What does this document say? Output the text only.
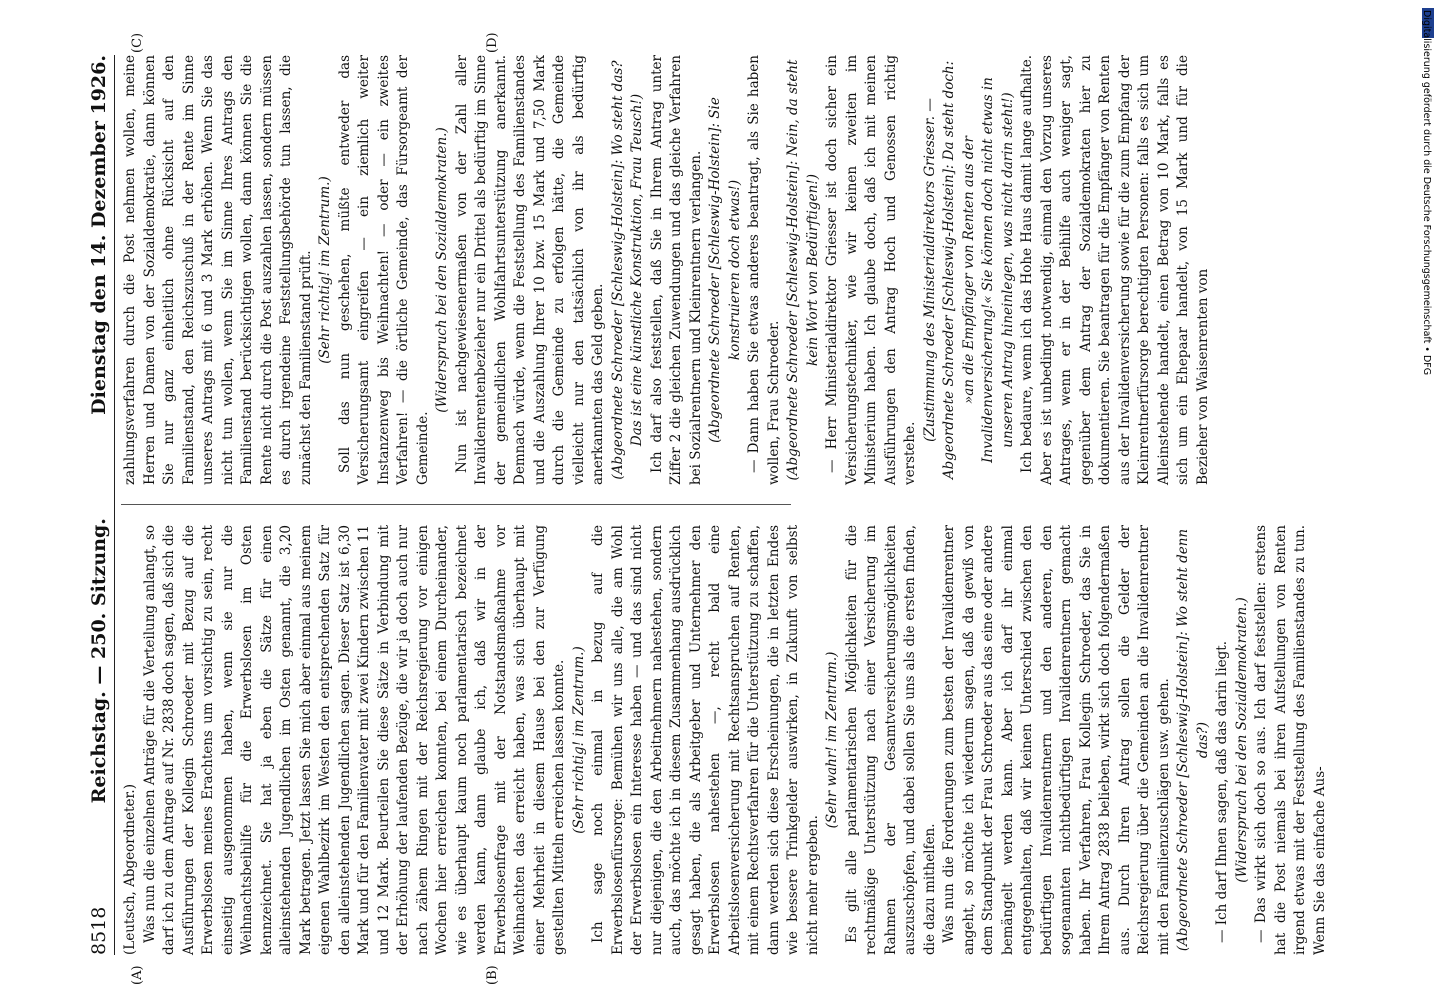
8518
Reichstag. — 250. Sitzung.
Dienstag den 14. Dezember 1926.

(Leutsch, Abgeordneter.) Was nun die einzelnen Anträge für die Verteilung anlangt, so darf ich zu dem Antrage auf Nr. 2838 doch sagen, daß sich die Ausführungen der Kollegin Schroeder mit Bezug auf die Erwerbslosen meines Erachtens um vorsichtig zu sein, recht einseitig ausgenommen haben, wenn sie nur die Weihnachtsbeihilfe für die Erwerbslosen im Osten kennzeichnet. Sie hat ja eben die Sätze für einen alleinstehenden Jugendlichen im Osten genannt, die 3,20 Mark betragen. Jetzt lassen Sie mich aber einmal aus meinem eigenen Wahlbezirk im Westen den entsprechenden Satz für den alleinstehenden Jugendlichen sagen. Dieser Satz ist 6,30 Mark und für den Familienvater mit zwei Kindern zwischen 11 und 12 Mark. Beurteilen Sie diese Sätze in Verbindung mit der Erhöhung der laufenden Bezüge, die wir ja doch auch nur nach zähem Ringen mit der Reichsregierung vor einigen Wochen hier erreichen konnten, bei einem Durcheinander, wie es überhaupt kaum noch parlamentarisch bezeichnet werden kann, dann glaube ich, daß wir in der Erwerbslosenfrage mit der Notstandsmaßnahme vor Weihnachten das erreicht haben, was sich überhaupt mit einer Mehrheit in diesem Hause bei den zur Verfügung gestellten Mitteln erreichen lassen konnte. (Sehr richtig! im Zentrum.) Ich sage noch einmal in bezug auf die Erwerbslosenfürsorge: Bemühen wir uns alle, die am Wohl der Erwerbslosen ein Interesse haben — und das sind nicht nur diejenigen, die den Arbeitnehmern nahestehen, sondern auch, das möchte ich in diesem Zusammenhang ausdrücklich gesagt haben, die als Arbeitgeber und Unternehmer den Erwerbslosen nahestehen —, recht bald eine Arbeitslosenversicherung mit Rechtsanspruchen auf Renten, mit einem Rechtsverfahren für die Unterstützung zu schaffen, dann werden sich diese Erscheinungen, die in letzten Endes wie bessere Trinkgelder auswirken, in Zukunft von selbst nicht mehr ergeben.

(Sehr wahr! im Zentrum.) Es gilt alle parlamentarischen Möglichkeiten für die rechtmäßige Unterstützung nach einer Versicherung im Rahmen der Gesamtversicherungsmöglichkeiten auszuschöpfen, und dabei sollen Sie uns als die ersten finden, die dazu mithelfen. Was nun die Forderungen zum besten der Invalidenrentner angeht, so möchte ich wiederum sagen, daß da gewiß von dem Standpunkt der Frau Schroeder aus das eine oder andere bemängelt werden kann. Aber ich darf ihr einmal entgegenhalten, daß wir keinen Unterschied zwischen den bedürftigen Invalidenrentnern und den anderen, den sogenannten nichtbedürftigen Invalidenrentnern gemacht haben. Ihr Verfahren, Frau Kollegin Schroeder, das Sie in Ihrem Antrag 2838 belieben, wirkt sich doch folgendermaßen aus. Durch Ihren Antrag sollen die Gelder der Reichsregierung über die Gemeinden an die Invalidenrentner mit den Familienzuschlägen usw. gehen. (Abgeordnete Schroeder [Schleswig-Holstein]: Wo steht denn das?) — Ich darf Ihnen sagen, daß das darin liegt. (Widerspruch bei den Sozialdemokraten.) — Das wirkt sich doch so aus. Ich darf feststellen: erstens hat die Post niemals bei ihren Aufstellungen von Renten irgend etwas mit der Feststellung des Familienstandes zu tun. Wenn Sie das einfache Aus-

zahlungsverfahren durch die Post nehmen wollen, meine Herren und Damen von der Sozialdemokratie, dann können Sie nur ganz einheitlich ohne Rücksicht auf den Familienstand, den Reichszuschuß in der Rente im Sinne unseres Antrags mit 6 und 3 Mark erhöhen. Wenn Sie das nicht tun wollen, wenn Sie im Sinne Ihres Antrags den Familienstand berücksichtigen wollen, dann können Sie die Rente nicht durch die Post auszahlen lassen, sondern müssen es durch irgendeine Feststellungsbehörde tun lassen, die zunächst den Familienstand prüft. (Sehr richtig! im Zentrum.) Soll das nun geschehen, müßte entweder das Versicherungsamt eingreifen — ein ziemlich weiter Instanzenweg bis Weihnachten! — oder — ein zweites Verfahren! — die örtliche Gemeinde, das Fürsorgeamt der Gemeinde.

(Widerspruch bei den Sozialdemokraten.) Nun ist nachgewiesenermaßen von der Zahl aller Invalidenrentenbezieher nur ein Drittel als bedürftig im Sinne der gemeindlichen Wohlfahrtsunterstützung anerkannt. Demnach würde, wenn die Feststellung des Familienstandes und die Auszahlung Ihrer 10 bzw. 15 Mark und 7,50 Mark durch die Gemeinde zu erfolgen hätte, die Gemeinde vielleicht nur den tatsächlich von ihr als bedürftig anerkannten das Geld geben. (Abgeordnete Schroeder [Schleswig-Holstein]: Wo steht das? Das ist eine künstliche Konstruktion, Frau Teusch!) Ich darf also feststellen, daß Sie in Ihrem Antrag unter Ziffer 2 die gleichen Zuwendungen und das gleiche Verfahren bei Sozialrentnern und Kleinrentnern verlangen. (Abgeordnete Schroeder [Schleswig-Holstein]: Sie konstruieren doch etwas!) — Dann haben Sie etwas anderes beantragt, als Sie haben wollen, Frau Schroeder. (Abgeordnete Schroeder [Schleswig-Holstein]: Nein, da steht kein Wort von Bedürftigen!) — Herr Ministerialdirektor Griesser ist doch sicher ein Versicherungstechniker, wie wir keinen zweiten im Ministerium haben. Ich glaube doch, daß ich mit meinen Ausführungen den Antrag Hoch und Genossen richtig verstehe.

(Zustimmung des Ministerialdirektors Griesser. — Abgeordnete Schroeder [Schleswig-Holstein]: Da steht doch: »an die Empfänger von Renten aus der Invalidenversicherung!« Sie können doch nicht etwas in unseren Antrag hineinlegen, was nicht darin steht!) Ich bedaure, wenn ich das Hohe Haus damit lange aufhalte. Aber es ist unbedingt notwendig, einmal den Vorzug unseres Antrages, wenn er in der Beihilfe auch weniger sagt, gegenüber dem Antrag der Sozialdemokraten hier zu dokumentieren. Sie beantragen für die Empfänger von Renten aus der Invalidenversicherung sowie für die zum Empfang der Kleinrentnerfürsorge berechtigten Personen: falls es sich um Alleinstehende handelt, einen Betrag von 10 Mark, falls es sich um ein Ehepaar handelt, von 15 Mark und für die Bezieher von Waisenrenten von

(A)	(B)
(C)	(D)	Digitalisierung gefördert durch die Deutsche Forschungsgemeinschaft • DFG
